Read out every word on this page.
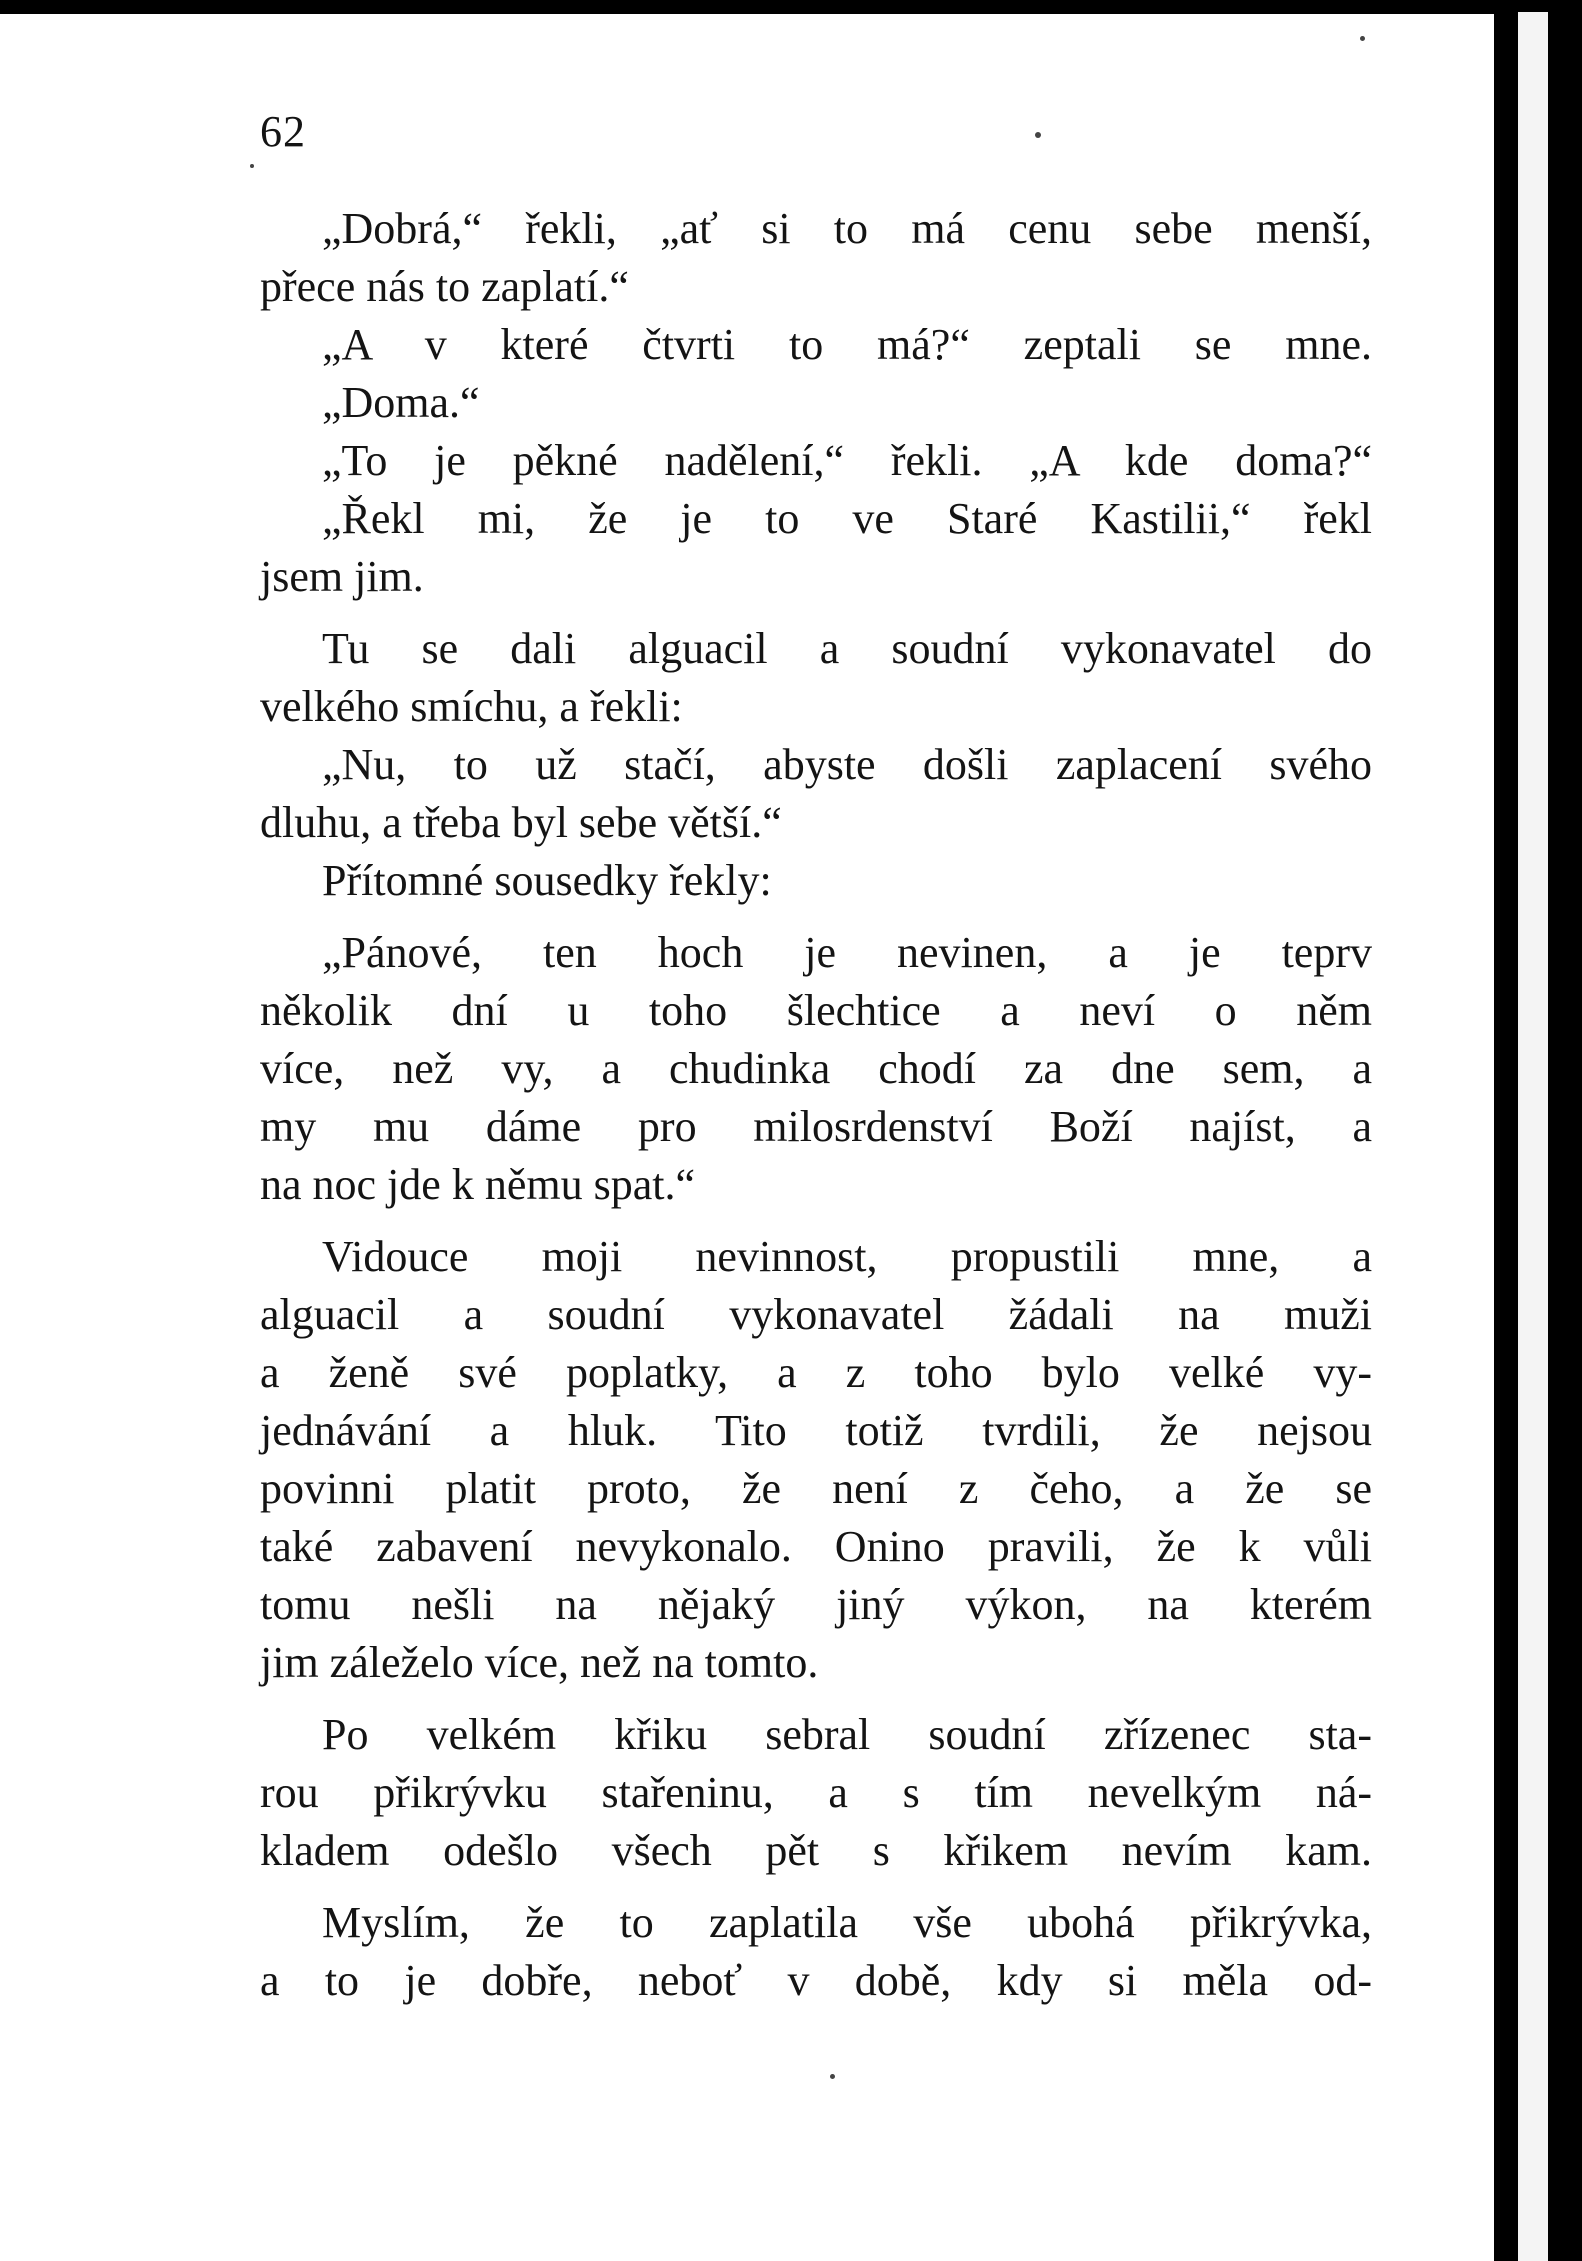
62
„Dobrá,“ řekli, „ať si to má cenu sebe menší,
přece nás to zaplatí.“
„A v které čtvrti to má?“ zeptali se mne.
„Doma.“
„To je pěkné nadělení,“ řekli. „A kde doma?“
„Řekl mi, že je to ve Staré Kastilii,“ řekl
jsem jim.
Tu se dali alguacil a soudní vykonavatel do
velkého smíchu, a řekli:
„Nu, to už stačí, abyste došli zaplacení svého
dluhu, a třeba byl sebe větší.“
Přítomné sousedky řekly:
„Pánové, ten hoch je nevinen, a je teprv
několik dní u toho šlechtice a neví o něm
více, než vy, a chudinka chodí za dne sem, a
my mu dáme pro milosrdenství Boží najíst, a
na noc jde k němu spat.“
Vidouce moji nevinnost, propustili mne, a
alguacil a soudní vykonavatel žádali na muži
a ženě své poplatky, a z toho bylo velké vy-
jednávání a hluk. Tito totiž tvrdili, že nejsou
povinni platit proto, že není z čeho, a že se
také zabavení nevykonalo. Onino pravili, že k vůli
tomu nešli na nějaký jiný výkon, na kterém
jim záleželo více, než na tomto.
Po velkém křiku sebral soudní zřízenec sta-
rou přikrývku stařeninu, a s tím nevelkým ná-
kladem odešlo všech pět s křikem nevím kam.
Myslím, že to zaplatila vše ubohá přikrývka,
a to je dobře, neboť v době, kdy si měla od-
